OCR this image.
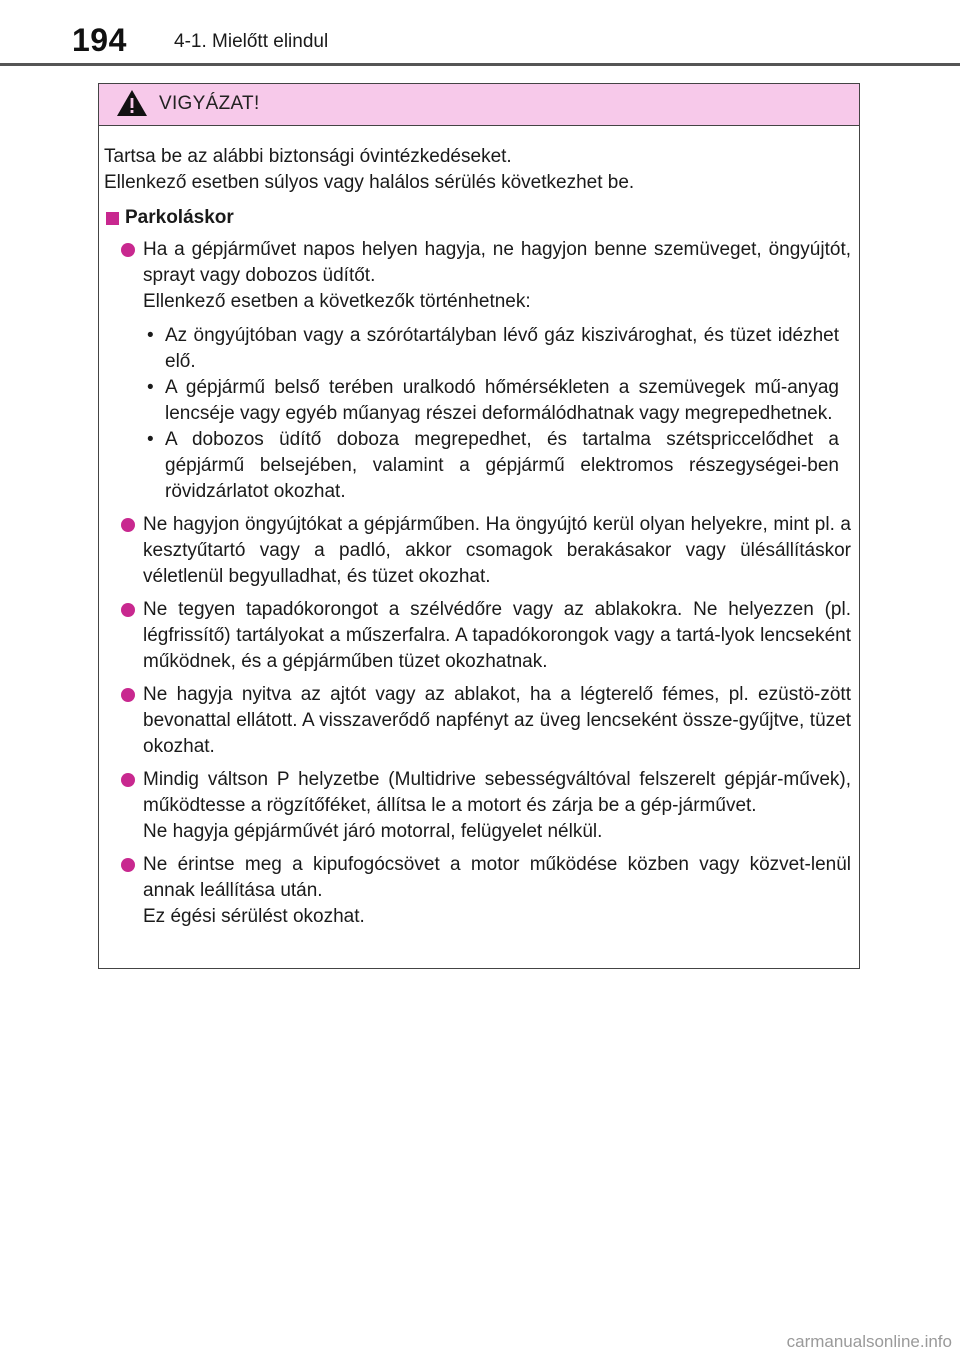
194 4-1. Mielőtt elindul
VIGYÁZAT!

Tartsa be az alábbi biztonsági óvintézkedéseket.

Ellenkező esetben súlyos vagy halálos sérülés következhet be.

Parkoláskor

Ha a gépjárművet napos helyen hagyja, ne hagyjon benne szemüveget, öngyújtót, sprayt vagy dobozos üdítőt.

Ellenkező esetben a következők történhetnek:

• Az öngyújtóban vagy a szórótartályban lévő gáz kiszivároghat, és tüzet idézhet elő.
• A gépjármű belső terében uralkodó hőmérsékleten a szemüvegek mű-anyag lencséje vagy egyéb műanyag részei deformálódhatnak vagy megrepedhetnek.
• A dobozos üdítő doboza megrepedhet, és tartalma szétspriccelődhet a gépjármű belsejében, valamint a gépjármű elektromos részegységei-ben rövidzárlatot okozhat.

Ne hagyjon öngyújtókat a gépjárműben. Ha öngyújtó kerül olyan helyekre, mint pl. a kesztyűtartó vagy a padló, akkor csomagok berakásakor vagy ülésállításkor véletlenül begyulladhat, és tüzet okozhat.

Ne tegyen tapadókorongot a szélvédőre vagy az ablakokra. Ne helyezzen (pl. légfrissítő) tartályokat a műszerfalra. A tapadókorongok vagy a tartá-lyok lencseként működnek, és a gépjárműben tüzet okozhatnak.

Ne hagyja nyitva az ajtót vagy az ablakot, ha a légterelő fémes, pl. ezüstö-zött bevonattal ellátott. A visszaverődő napfényt az üveg lencseként össze-gyűjtve, tüzet okozhat.

Mindig váltson P helyzetbe (Multidrive sebességváltóval felszerelt gépjár-művek), működtesse a rögzítőféket, állítsa le a motort és zárja be a gép-járművet.

Ne hagyja gépjárművét járó motorral, felügyelet nélkül.

Ne érintse meg a kipufogócsövet a motor működése közben vagy közvet-lenül annak leállítása után.

Ez égési sérülést okozhat.

carmanualsonline.info
